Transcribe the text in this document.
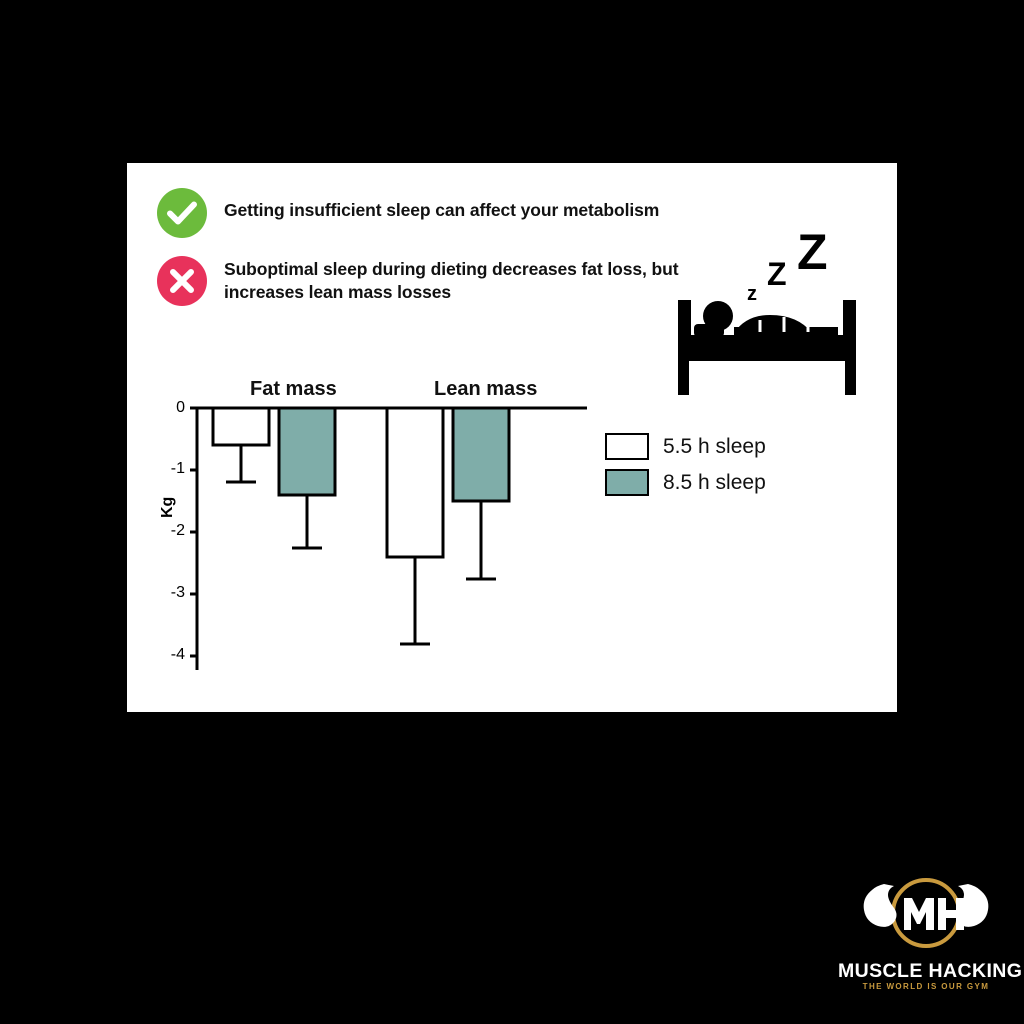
Getting insufficient sleep can affect your metabolism
Suboptimal sleep during dieting decreases fat loss, but increases lean mass losses
Z
Z
z
Kg
Fat mass	Lean mass
0
-1
-2
-3
-4
5.5 h sleep
8.5 h sleep
MUSCLE HACKING
THE WORLD IS OUR GYM
